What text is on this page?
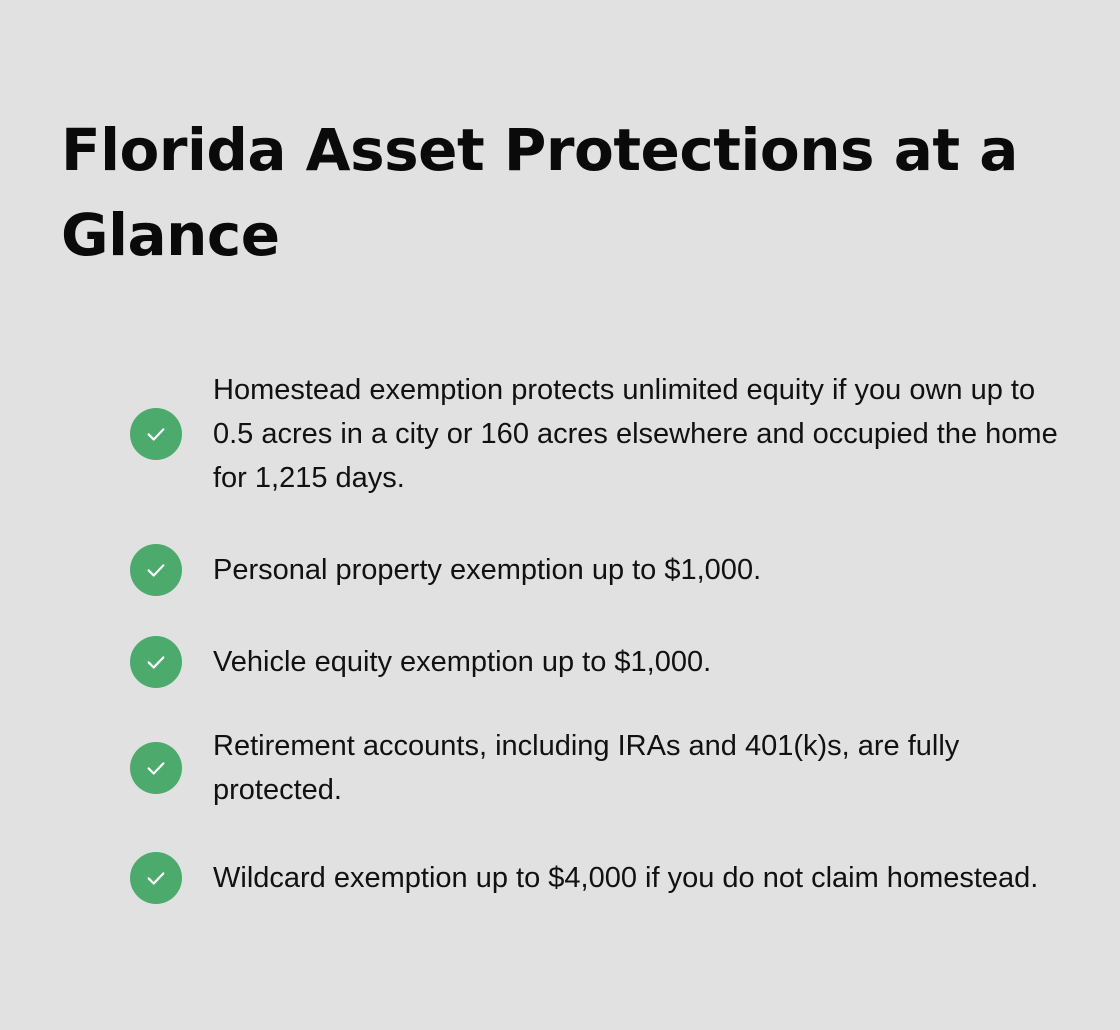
Florida Asset Protections at a Glance
Homestead exemption protects unlimited equity if you own up to 0.5 acres in a city or 160 acres elsewhere and occupied the home for 1,215 days.
Personal property exemption up to $1,000.
Vehicle equity exemption up to $1,000.
Retirement accounts, including IRAs and 401(k)s, are fully protected.
Wildcard exemption up to $4,000 if you do not claim homestead.
